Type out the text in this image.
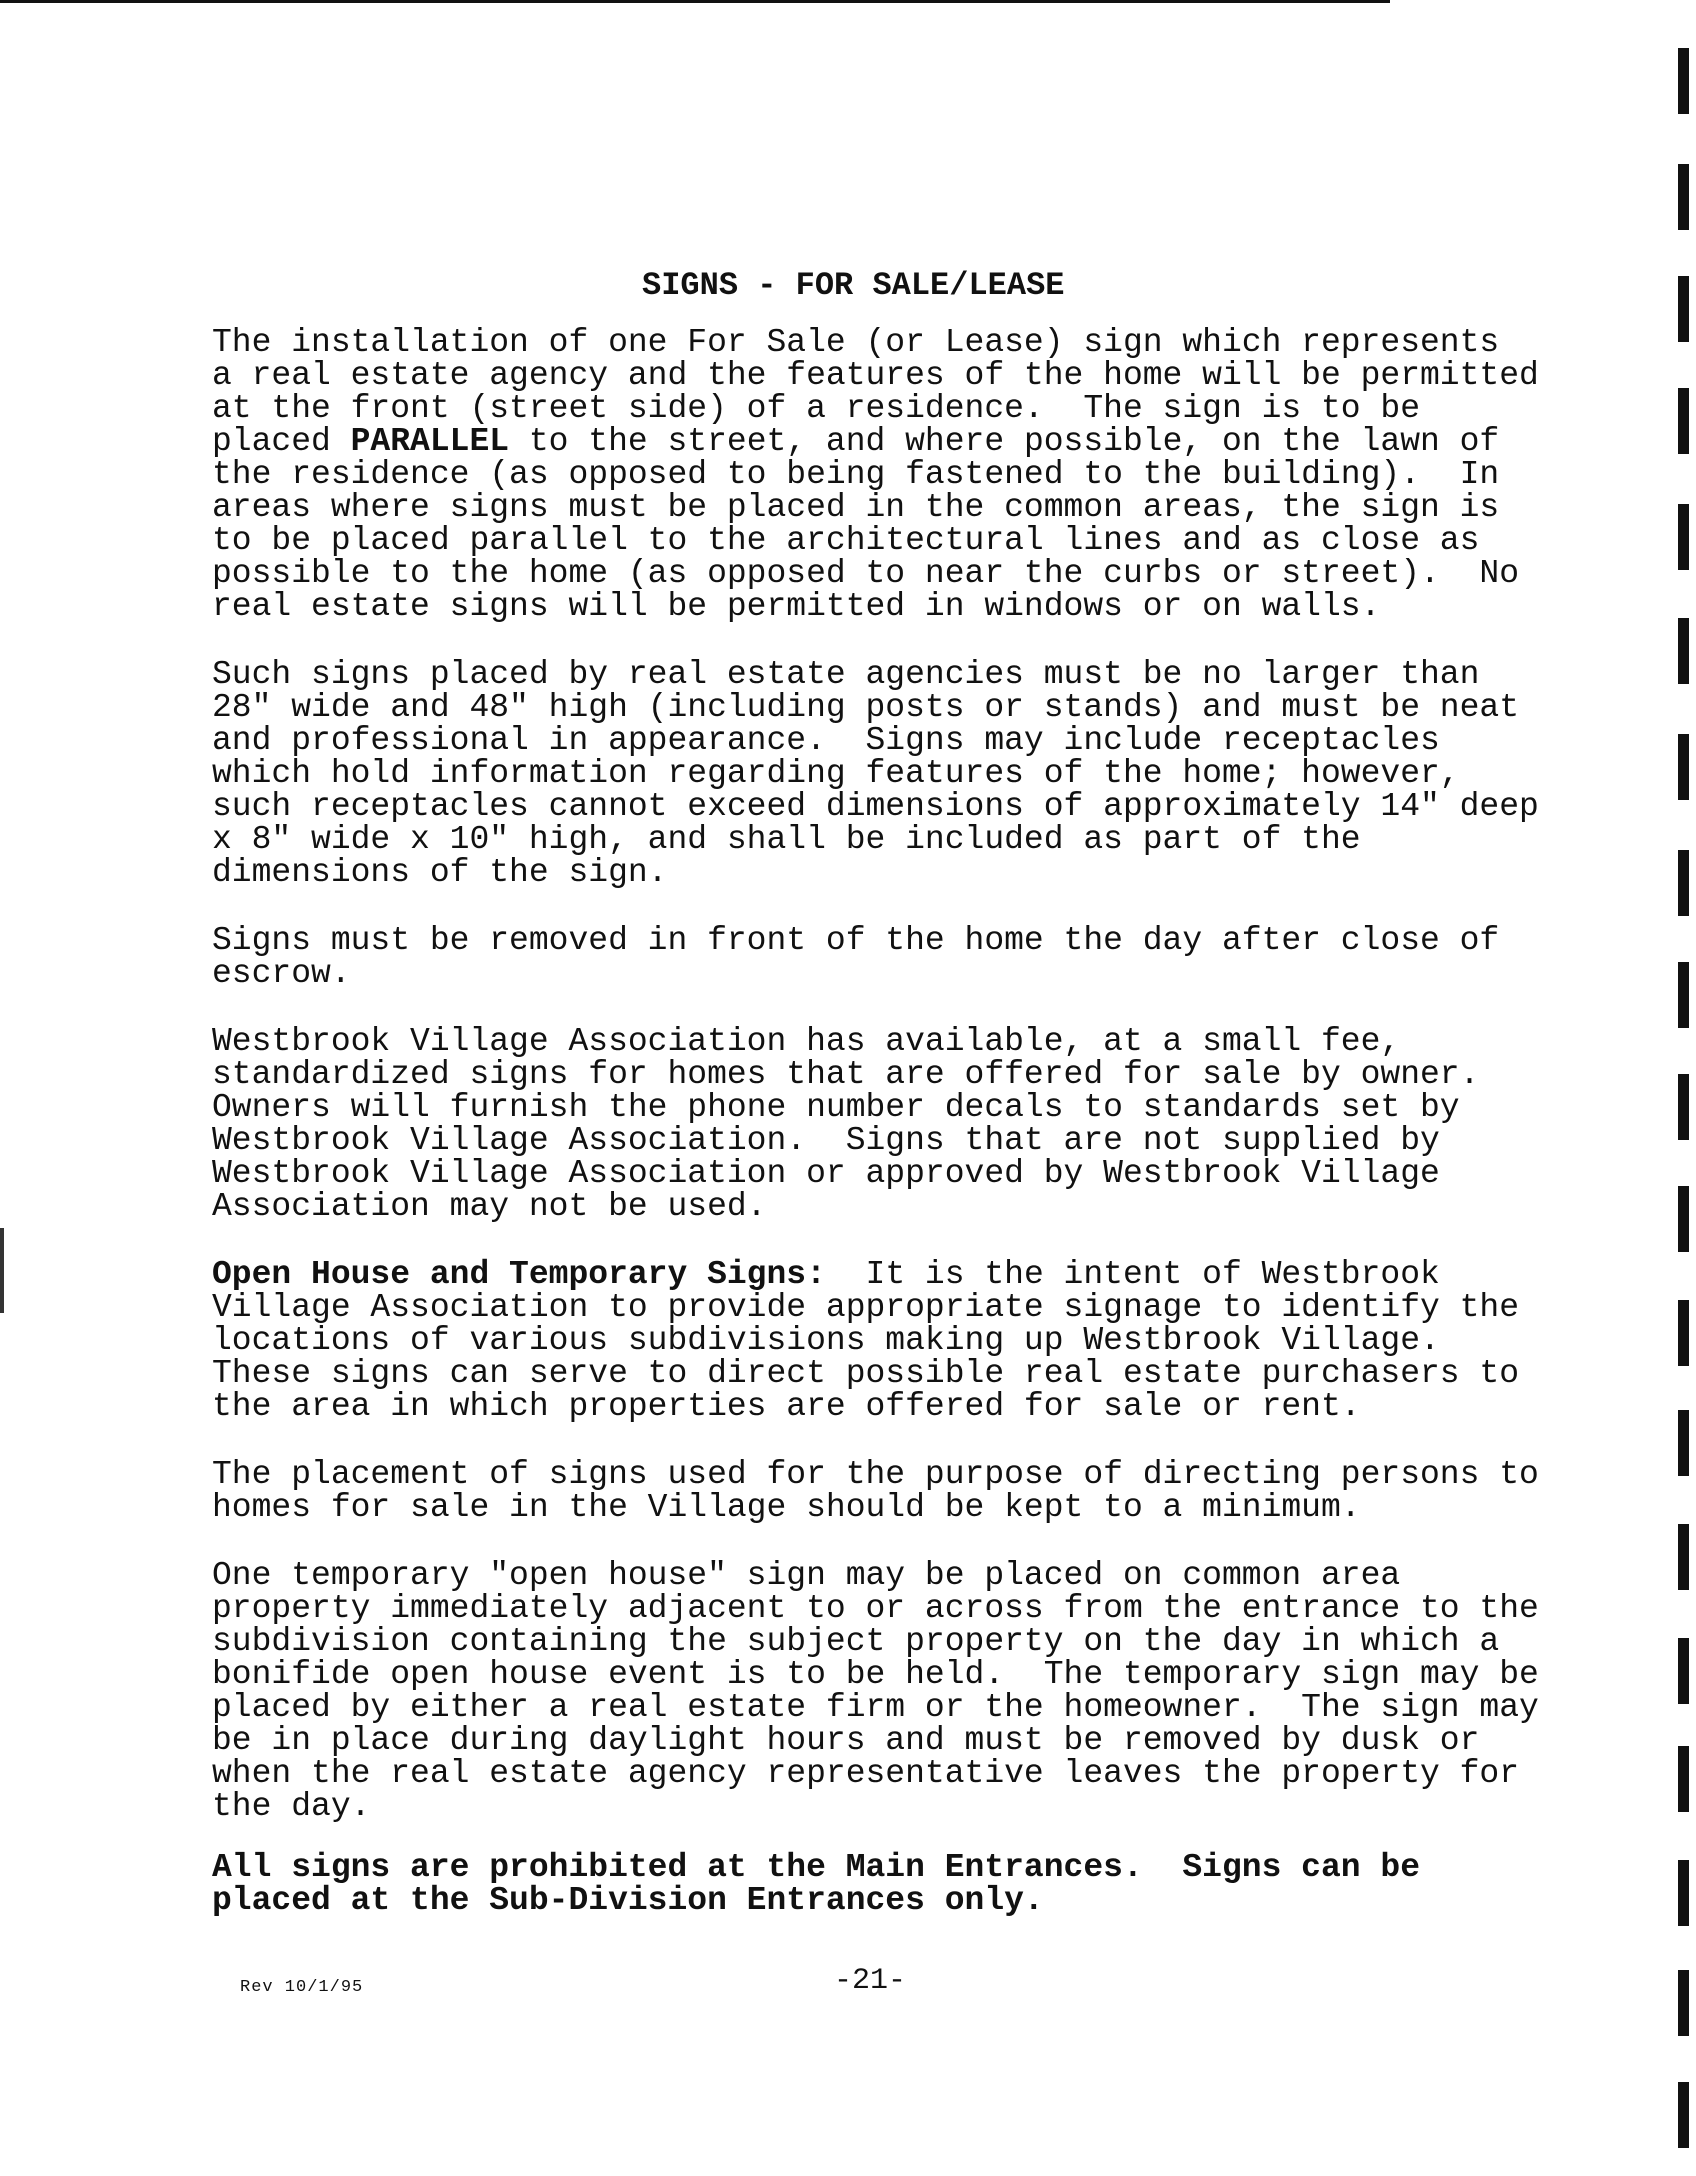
SIGNS - FOR SALE/LEASE

The installation of one For Sale (or Lease) sign which represents
a real estate agency and the features of the home will be permitted
at the front (street side) of a residence.  The sign is to be
placed PARALLEL to the street, and where possible, on the lawn of
the residence (as opposed to being fastened to the building).  In
areas where signs must be placed in the common areas, the sign is
to be placed parallel to the architectural lines and as close as
possible to the home (as opposed to near the curbs or street).  No
real estate signs will be permitted in windows or on walls.

Such signs placed by real estate agencies must be no larger than
28" wide and 48" high (including posts or stands) and must be neat
and professional in appearance.  Signs may include receptacles
which hold information regarding features of the home; however,
such receptacles cannot exceed dimensions of approximately 14" deep
x 8" wide x 10" high, and shall be included as part of the
dimensions of the sign.

Signs must be removed in front of the home the day after close of
escrow.

Westbrook Village Association has available, at a small fee,
standardized signs for homes that are offered for sale by owner.
Owners will furnish the phone number decals to standards set by
Westbrook Village Association.  Signs that are not supplied by
Westbrook Village Association or approved by Westbrook Village
Association may not be used.

Open House and Temporary Signs:  It is the intent of Westbrook
Village Association to provide appropriate signage to identify the
locations of various subdivisions making up Westbrook Village.
These signs can serve to direct possible real estate purchasers to
the area in which properties are offered for sale or rent.

The placement of signs used for the purpose of directing persons to
homes for sale in the Village should be kept to a minimum.

One temporary "open house" sign may be placed on common area
property immediately adjacent to or across from the entrance to the
subdivision containing the subject property on the day in which a
bonifide open house event is to be held.  The temporary sign may be
placed by either a real estate firm or the homeowner.  The sign may
be in place during daylight hours and must be removed by dusk or
when the real estate agency representative leaves the property for
the day.

All signs are prohibited at the Main Entrances.  Signs can be
placed at the Sub-Division Entrances only.

Rev 10/1/95	-21-
